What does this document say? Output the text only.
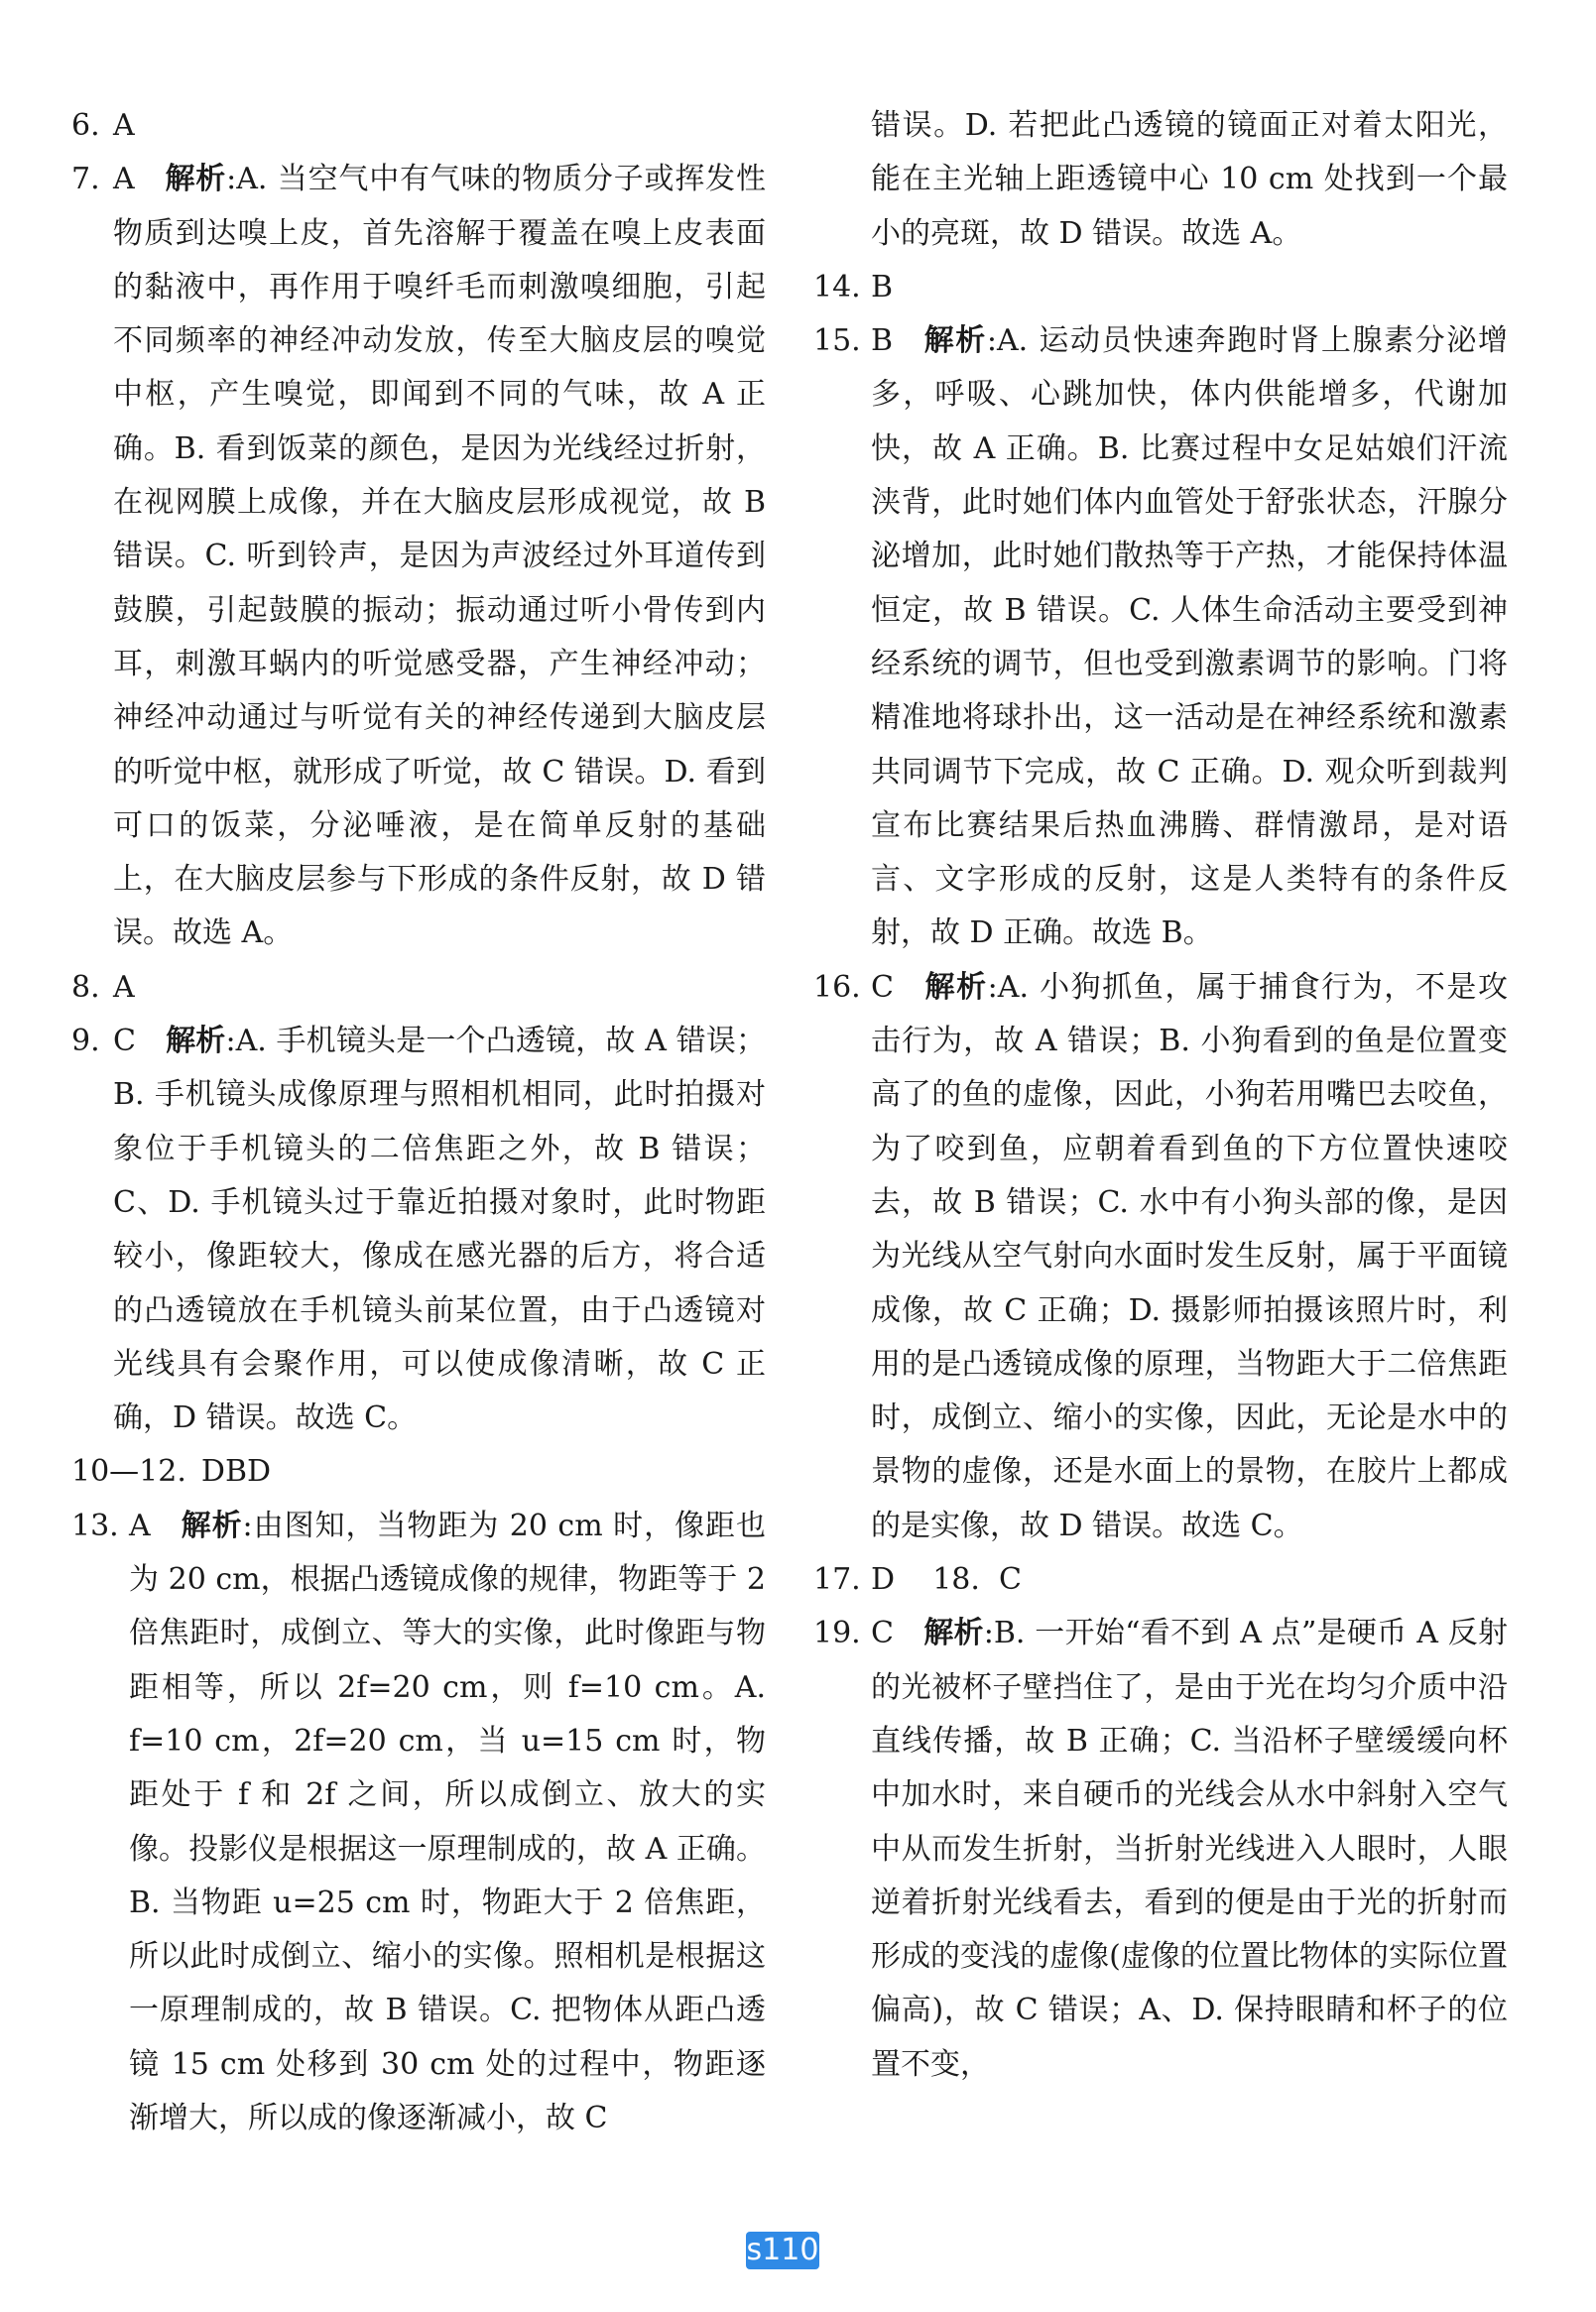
6. A
7. A  解析:A. 当空气中有气味的物质分子或挥发性物质到达嗅上皮，首先溶解于覆盖在嗅上皮表面的黏液中，再作用于嗅纤毛而刺激嗅细胞，引起不同频率的神经冲动发放，传至大脑皮层的嗅觉中枢，产生嗅觉，即闻到不同的气味，故 A 正确。B. 看到饭菜的颜色，是因为光线经过折射，在视网膜上成像，并在大脑皮层形成视觉，故 B 错误。C. 听到铃声，是因为声波经过外耳道传到鼓膜，引起鼓膜的振动；振动通过听小骨传到内耳，刺激耳蜗内的听觉感受器，产生神经冲动；神经冲动通过与听觉有关的神经传递到大脑皮层的听觉中枢，就形成了听觉，故 C 错误。D. 看到可口的饭菜，分泌唾液，是在简单反射的基础上，在大脑皮层参与下形成的条件反射，故 D 错误。故选 A。
8. A
9. C  解析:A. 手机镜头是一个凸透镜，故 A 错误；B. 手机镜头成像原理与照相机相同，此时拍摄对象位于手机镜头的二倍焦距之外，故 B 错误；C、D. 手机镜头过于靠近拍摄对象时，此时物距较小，像距较大，像成在感光器的后方，将合适的凸透镜放在手机镜头前某位置，由于凸透镜对光线具有会聚作用，可以使成像清晰，故 C 正确，D 错误。故选 C。
10—12.
  DBD
13. A  解析:由图知，当物距为 20 cm 时，像距也为 20 cm，根据凸透镜成像的规律，物距等于 2 倍焦距时，成倒立、等大的实像，此时像距与物距相等，所以 2f=20 cm，则 f=10 cm。A. f=10 cm，2f=20 cm，当 u=15 cm 时，物距处于 f 和 2f 之间，所以成倒立、放大的实像。投影仪是根据这一原理制成的，故 A 正确。B. 当物距 u=25 cm 时，物距大于 2 倍焦距，所以此时成倒立、缩小的实像。照相机是根据这一原理制成的，故 B 错误。C. 把物体从距凸透镜 15 cm 处移到 30 cm 处的过程中，物距逐渐增大，所以成的像逐渐减小，故 C
错误。D. 若把此凸透镜的镜面正对着太阳光，能在主光轴上距透镜中心 10 cm 处找到一个最小的亮斑，故 D 错误。故选 A。
14. B
15. B  解析:A. 运动员快速奔跑时肾上腺素分泌增多，呼吸、心跳加快，体内供能增多，代谢加快，故 A 正确。B. 比赛过程中女足姑娘们汗流浃背，此时她们体内血管处于舒张状态，汗腺分泌增加，此时她们散热等于产热，才能保持体温恒定，故 B 错误。C. 人体生命活动主要受到神经系统的调节，但也受到激素调节的影响。门将精准地将球扑出，这一活动是在神经系统和激素共同调节下完成，故 C 正确。D. 观众听到裁判宣布比赛结果后热血沸腾、群情激昂，是对语言、文字形成的反射，这是人类特有的条件反射，故 D 正确。故选 B。
16. C  解析:A. 小狗抓鱼，属于捕食行为，不是攻击行为，故 A 错误；B. 小狗看到的鱼是位置变高了的鱼的虚像，因此，小狗若用嘴巴去咬鱼，为了咬到鱼，应朝着看到鱼的下方位置快速咬去，故 B 错误；C. 水中有小狗头部的像，是因为光线从空气射向水面时发生反射，属于平面镜成像，故 C 正确；D. 摄影师拍摄该照片时，利用的是凸透镜成像的原理，当物距大于二倍焦距时，成倒立、缩小的实像，因此，无论是水中的景物的虚像，还是水面上的景物，在胶片上都成的是实像，故 D 错误。故选 C。
17. D    18.  C
19. C  解析:B. 一开始“看不到 A 点”是硬币 A 反射的光被杯子壁挡住了，是由于光在均匀介质中沿直线传播，故 B 正确；C. 当沿杯子壁缓缓向杯中加水时，来自硬币的光线会从水中斜射入空气中从而发生折射，当折射光线进入人眼时，人眼逆着折射光线看去，看到的便是由于光的折射而形成的变浅的虚像(虚像的位置比物体的实际位置偏高)，故 C 错误；A、D. 保持眼睛和杯子的位置不变，
s110
